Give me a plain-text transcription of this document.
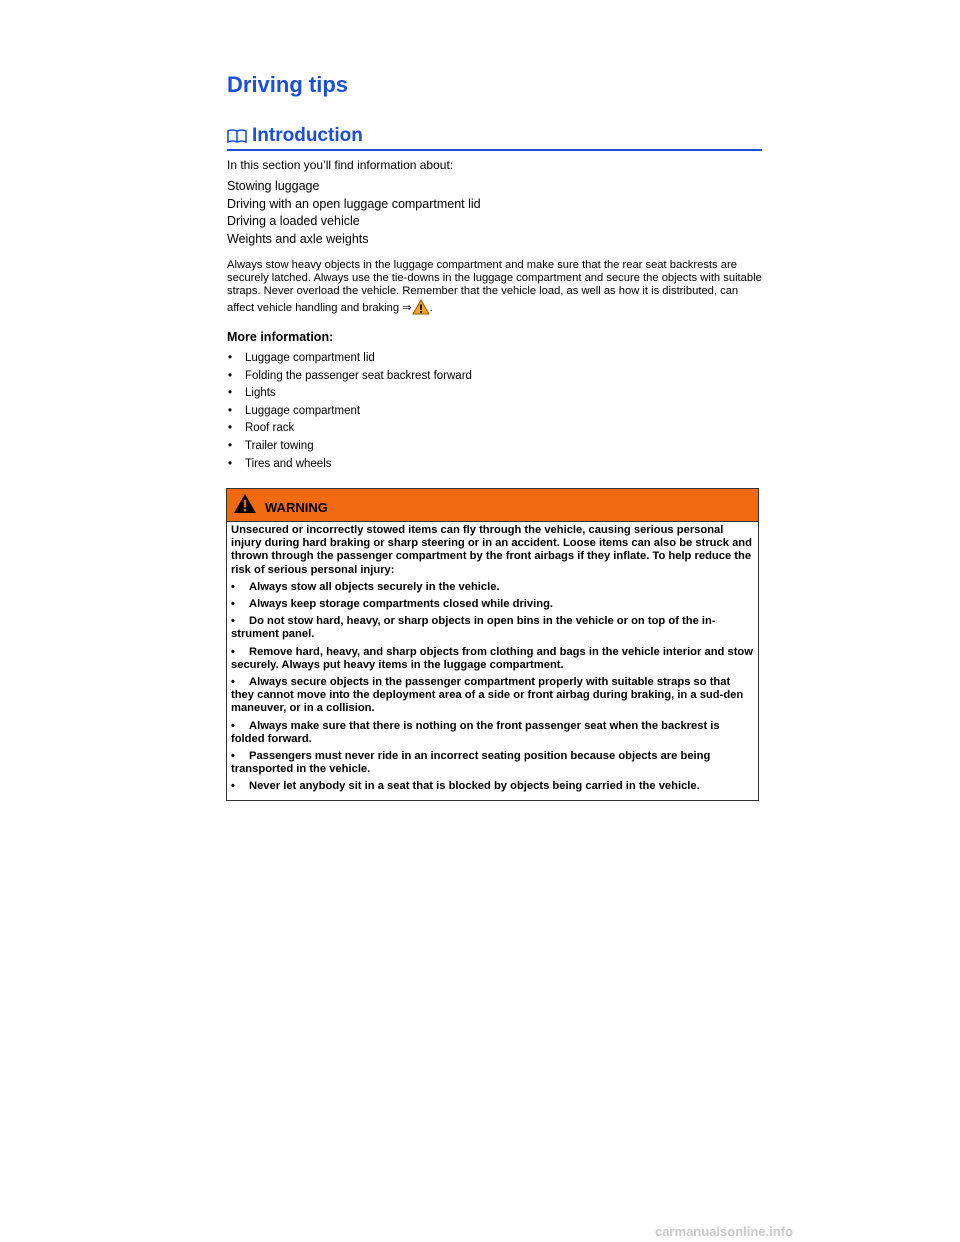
Driving tips
Introduction
In this section you’ll find information about:
Stowing luggage
Driving with an open luggage compartment lid
Driving a loaded vehicle
Weights and axle weights

Always stow heavy objects in the luggage compartment and make sure that the rear seat backrests are securely latched. Always use the tie-downs in the luggage compartment and secure the objects with suitable straps. Never overload the vehicle. Remember that the vehicle load, as well as how it is distributed, can affect vehicle handling and braking ⇒ .

More information:
•	Luggage compartment lid
•	Folding the passenger seat backrest forward
•	Lights
•	Luggage compartment
•	Roof rack
•	Trailer towing
•	Tires and wheels
WARNING

Unsecured or incorrectly stowed items can fly through the vehicle, causing serious personal injury during hard braking or sharp steering or in an accident. Loose items can also be struck and thrown through the passenger compartment by the front airbags if they inflate. To help reduce the risk of serious personal injury:

• Always stow all objects securely in the vehicle.
• Always keep storage compartments closed while driving.
• Do not stow hard, heavy, or sharp objects in open bins in the vehicle or on top of the in-strument panel.
• Remove hard, heavy, and sharp objects from clothing and bags in the vehicle interior and stow securely. Always put heavy items in the luggage compartment.
• Always secure objects in the passenger compartment properly with suitable straps so that they cannot move into the deployment area of a side or front airbag during braking, in a sud-den maneuver, or in a collision.
• Always make sure that there is nothing on the front passenger seat when the backrest is folded forward.
• Passengers must never ride in an incorrect seating position because objects are being transported in the vehicle.
• Never let anybody sit in a seat that is blocked by objects being carried in the vehicle.
carmanualsonline.info
